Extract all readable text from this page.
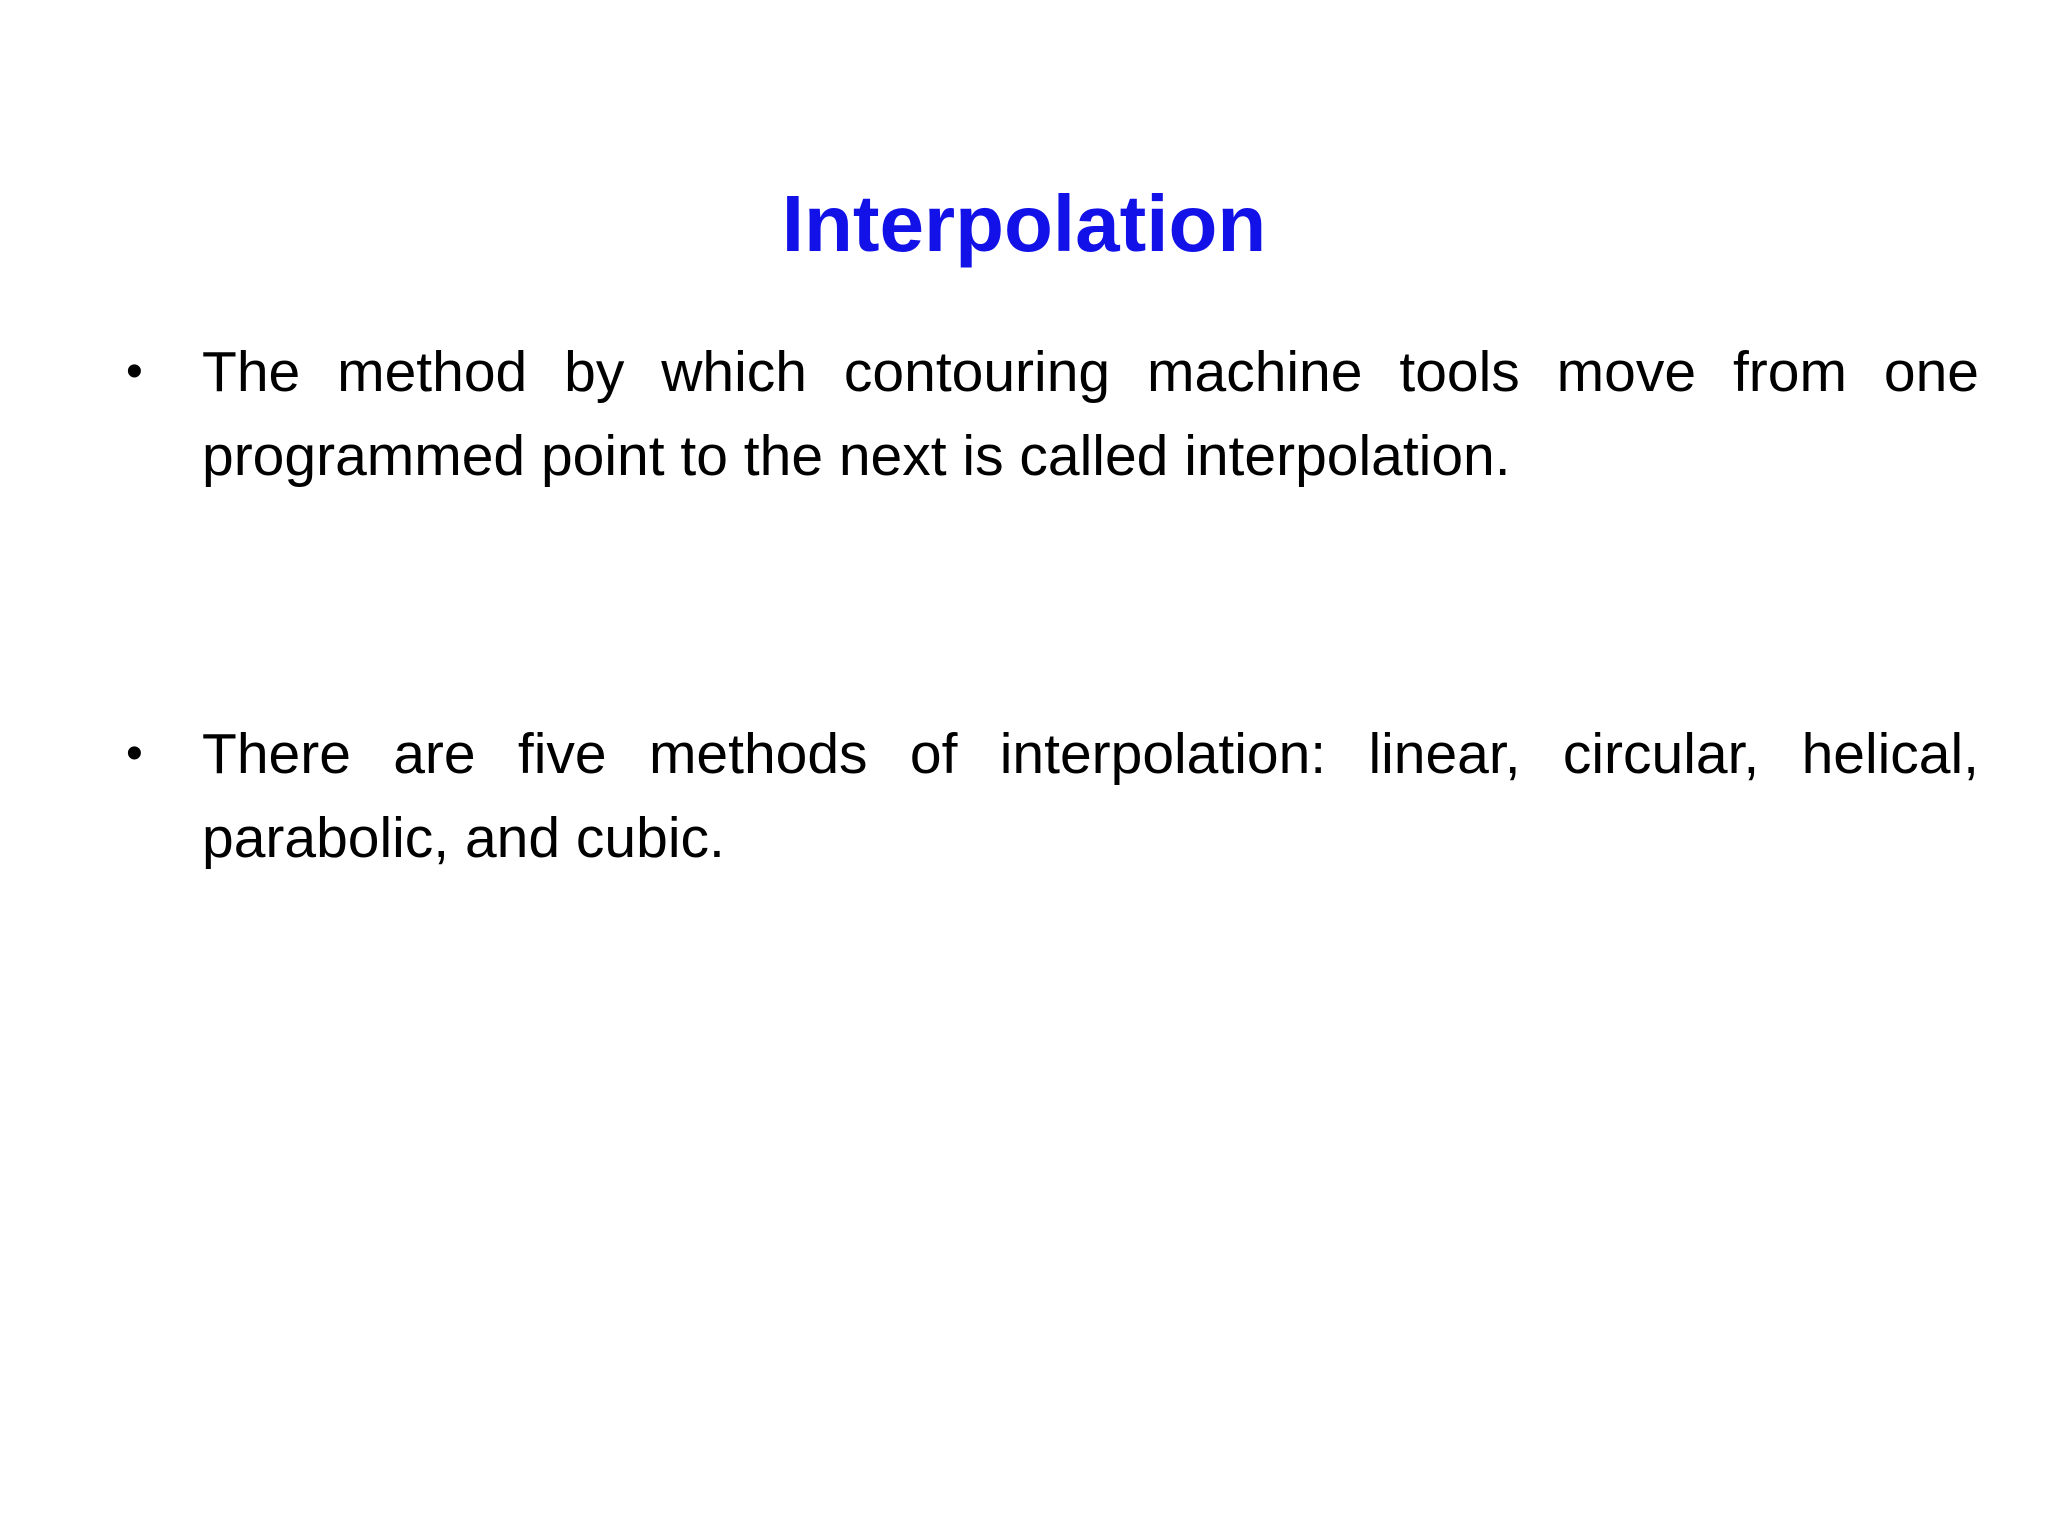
Interpolation
• The method by which contouring machine tools move from one programmed point to the next is called interpolation.
• There are five methods of interpolation: linear, circular, helical, parabolic, and cubic.
